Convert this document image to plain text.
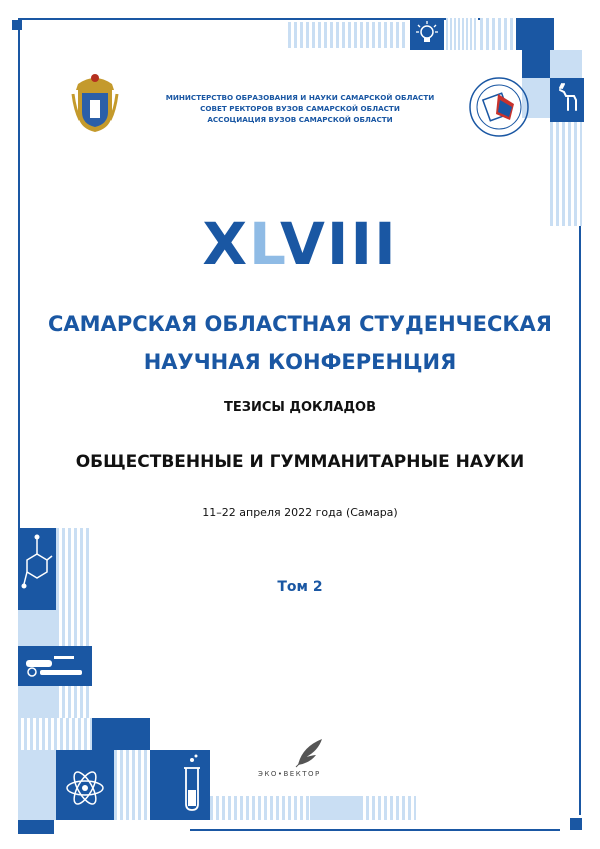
МИНИСТЕРСТВО ОБРАЗОВАНИЯ И НАУКИ САМАРСКОЙ ОБЛАСТИ
СОВЕТ РЕКТОРОВ ВУЗОВ САМАРСКОЙ ОБЛАСТИ
АССОЦИАЦИЯ ВУЗОВ САМАРСКОЙ ОБЛАСТИ
XLVIII
САМАРСКАЯ ОБЛАСТНАЯ СТУДЕНЧЕСКАЯ
НАУЧНАЯ КОНФЕРЕНЦИЯ
ТЕЗИСЫ ДОКЛАДОВ
ОБЩЕСТВЕННЫЕ И ГУММАНИТАРНЫЕ НАУКИ
11–22 апреля 2022 года (Самара)
Том 2
ЭКО•ВЕКТОР
